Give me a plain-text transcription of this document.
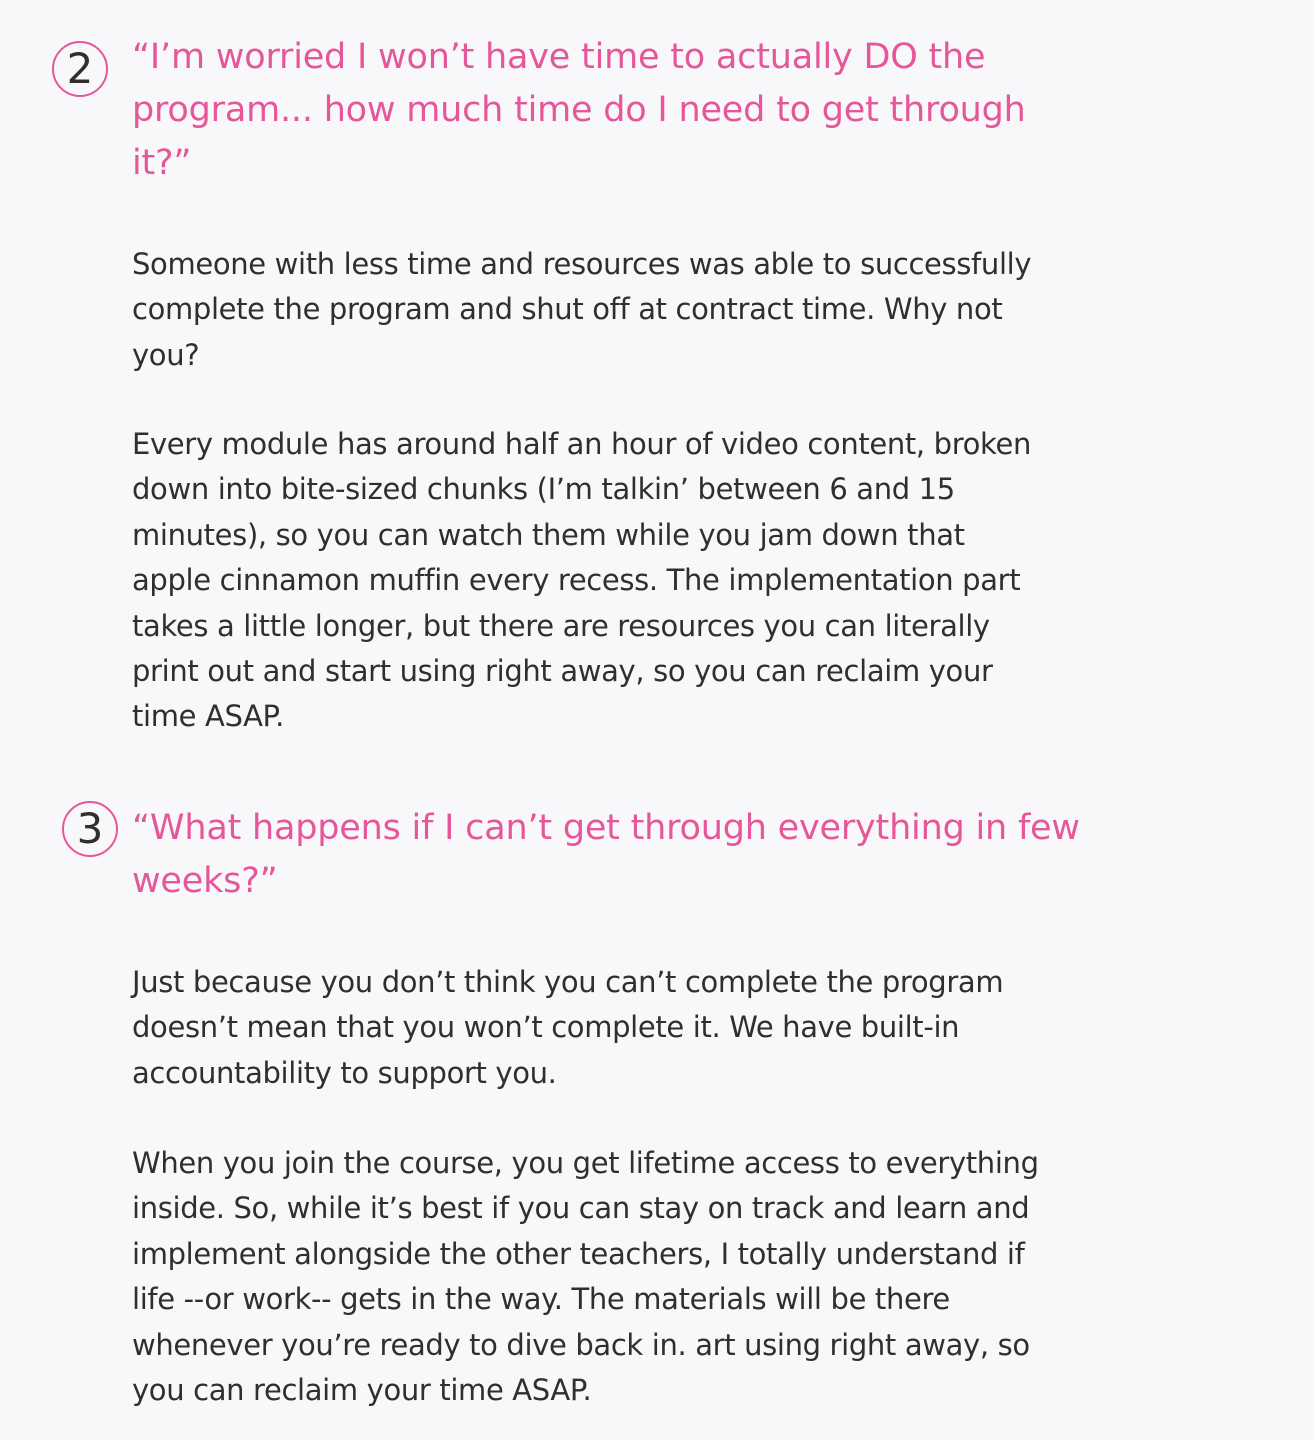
2	“I’m worried I won’t have time to actually DO the
program... how much time do I need to get through
it?”

Someone with less time and resources was able to successfully
complete the program and shut off at contract time. Why not
you?

Every module has around half an hour of video content, broken
down into bite-sized chunks (I’m talkin’ between 6 and 15
minutes), so you can watch them while you jam down that
apple cinnamon muffin every recess. The implementation part
takes a little longer, but there are resources you can literally
print out and start using right away, so you can reclaim your
time ASAP.

3 “What happens if I can’t get through everything in few
weeks?”

Just because you don’t think you can’t complete the program
doesn’t mean that you won’t complete it. We have built-in
accountability to support you.

When you join the course, you get lifetime access to everything
inside. So, while it’s best if you can stay on track and learn and
implement alongside the other teachers, I totally understand if
life --or work-- gets in the way. The materials will be there
whenever you’re ready to dive back in. art using right away, so
you can reclaim your time ASAP.
